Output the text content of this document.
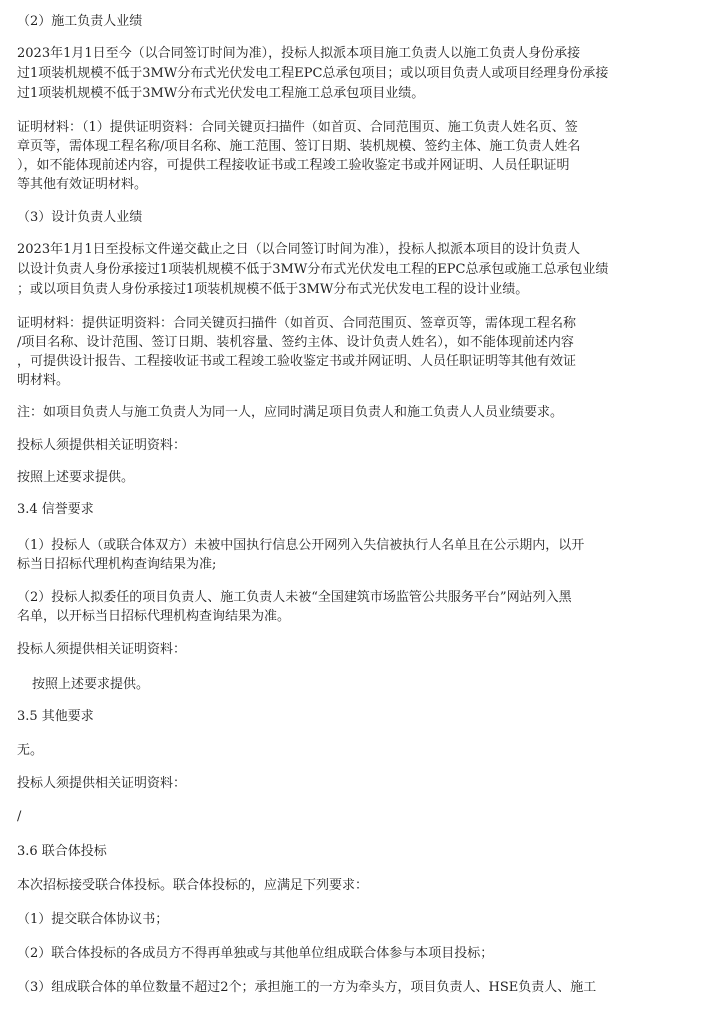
（2）施工负责人业绩
2023年1月1日至今（以合同签订时间为准），投标人拟派本项目施工负责人以施工负责人身份承接
过1项装机规模不低于3MW分布式光伏发电工程EPC总承包项目；或以项目负责人或项目经理身份承接
过1项装机规模不低于3MW分布式光伏发电工程施工总承包项目业绩。
证明材料：（1）提供证明资料：合同关键页扫描件（如首页、合同范围页、施工负责人姓名页、签
章页等，需体现工程名称/项目名称、施工范围、签订日期、装机规模、签约主体、施工负责人姓名
），如不能体现前述内容，可提供工程接收证书或工程竣工验收鉴定书或并网证明、人员任职证明
等其他有效证明材料。
（3）设计负责人业绩
2023年1月1日至投标文件递交截止之日（以合同签订时间为准），投标人拟派本项目的设计负责人
以设计负责人身份承接过1项装机规模不低于3MW分布式光伏发电工程的EPC总承包或施工总承包业绩
；或以项目负责人身份承接过1项装机规模不低于3MW分布式光伏发电工程的设计业绩。
证明材料：提供证明资料：合同关键页扫描件（如首页、合同范围页、签章页等，需体现工程名称
/项目名称、设计范围、签订日期、装机容量、签约主体、设计负责人姓名），如不能体现前述内容
，可提供设计报告、工程接收证书或工程竣工验收鉴定书或并网证明、人员任职证明等其他有效证
明材料。
注：如项目负责人与施工负责人为同一人，应同时满足项目负责人和施工负责人人员业绩要求。
投标人须提供相关证明资料：
按照上述要求提供。
3.4 信誉要求
（1）投标人（或联合体双方）未被中国执行信息公开网列入失信被执行人名单且在公示期内，以开
标当日招标代理机构查询结果为准;
（2）投标人拟委任的项目负责人、施工负责人未被“全国建筑市场监管公共服务平台”网站列入黑
名单，以开标当日招标代理机构查询结果为准。
投标人须提供相关证明资料：
按照上述要求提供。
3.5 其他要求
无。
投标人须提供相关证明资料：
/
3.6 联合体投标
本次招标接受联合体投标。联合体投标的，应满足下列要求：
（1）提交联合体协议书；
（2）联合体投标的各成员方不得再单独或与其他单位组成联合体参与本项目投标；
（3）组成联合体的单位数量不超过2个；承担施工的一方为牵头方，项目负责人、HSE负责人、施工
